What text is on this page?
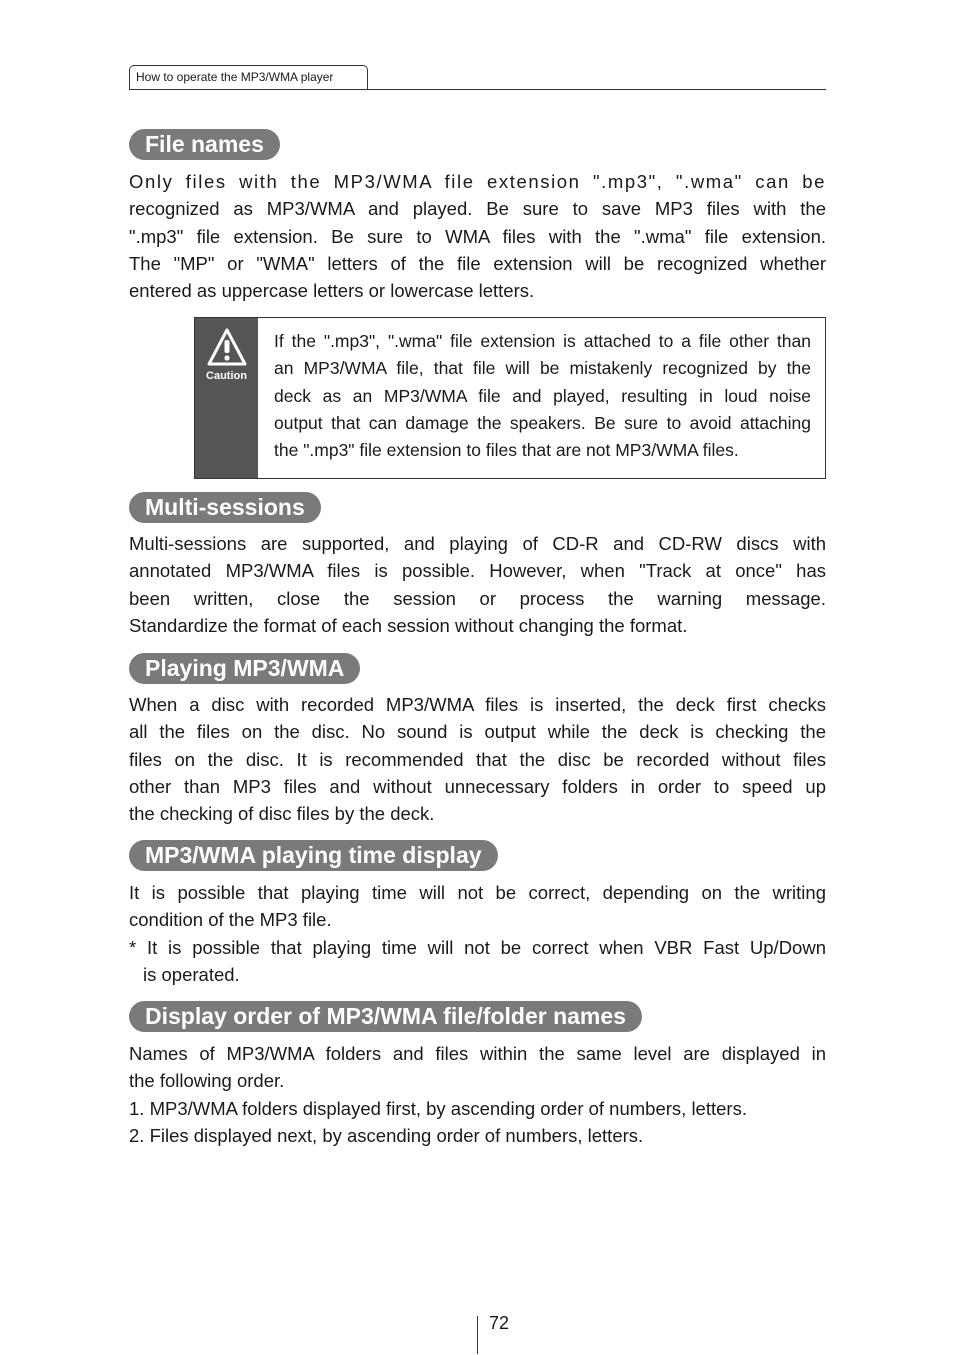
How to operate the MP3/WMA player
File names
Only files with the MP3/WMA file extension ".mp3", ".wma" can be
recognized as MP3/WMA and played. Be sure to save MP3 files with the
".mp3" file extension. Be sure to WMA files with the ".wma" file extension.
The "MP" or "WMA" letters of the file extension will be recognized whether
entered as uppercase letters or lowercase letters.
Caution
If the ".mp3", ".wma" file extension is attached to a file other than
an MP3/WMA file, that file will be mistakenly recognized by the
deck as an MP3/WMA file and played, resulting in loud noise
output that can damage the speakers. Be sure to avoid attaching
the ".mp3" file extension to files that are not MP3/WMA files.
Multi-sessions
Multi-sessions are supported, and playing of CD-R and CD-RW discs with
annotated MP3/WMA files is possible. However, when "Track at once" has
been written, close the session or process the warning message.
Standardize the format of each session without changing the format.
Playing MP3/WMA
When a disc with recorded MP3/WMA files is inserted, the deck first checks
all the files on the disc. No sound is output while the deck is checking the
files on the disc. It is recommended that the disc be recorded without files
other than MP3 files and without unnecessary folders in order to speed up
the checking of disc files by the deck.
MP3/WMA playing time display
It is possible that playing time will not be correct, depending on the writing
condition of the MP3 file.
* It is possible that playing time will not be correct when VBR Fast Up/Down
is operated.
Display order of MP3/WMA file/folder names
Names of MP3/WMA folders and files within the same level are displayed in
the following order.
1. MP3/WMA folders displayed first, by ascending order of numbers, letters.
2. Files displayed next, by ascending order of numbers, letters.
72
